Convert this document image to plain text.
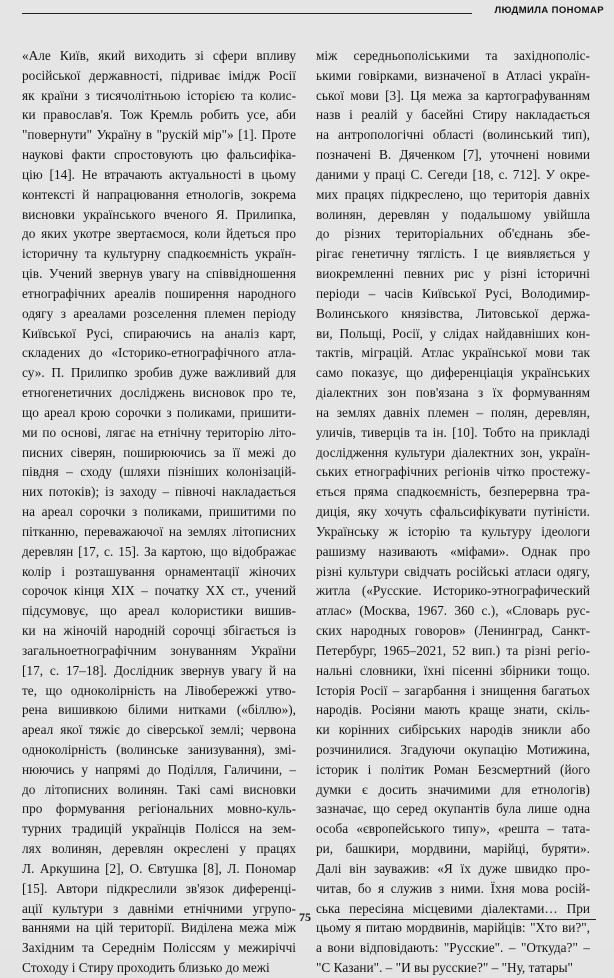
ЛЮДМИЛА ПОНОМАР
«Але Київ, який виходить зі сфери впливу
російської державності, підриває імідж Росії
як країни з тисячолітньою історією та колис-
ки православ'я. Тож Кремль робить усе, аби
"повернути" Україну в "рускій мір"» [1]. Проте
наукові факти спростовують цю фальсифіка-
цію [14]. Не втрачають актуальності в цьому
контексті й напрацювання етнологів, зокрема
висновки українського вченого Я. Прилипка,
до яких укотре звертаємося, коли йдеться про
історичну та культурну спадкоємність україн-
ців. Учений звернув увагу на співвідношення
етнографічних ареалів поширення народного
одягу з ареалами розселення племен періоду
Київської Русі, спираючись на аналіз карт,
складених до «Історико-етнографічного атла-
су». П. Прилипко зробив дуже важливий для
етногенетичних досліджень висновок про те,
що ареал крою сорочки з поликами, пришити-
ми по основі, лягає на етнічну територію літо-
писних сіверян, поширюючись за її межі до
півдня – сходу (шляхи пізніших колонізацій-
них потоків); із заходу – півночі накладається
на ареал сорочки з поликами, пришитими по
пітканню, переважаючої на землях літописних
деревлян [17, с. 15]. За картою, що відображає
колір і розташування орнаментації жіночих
сорочок кінця XIX – початку XX ст., учений
підсумовує, що ареал колористики вишив-
ки на жіночій народній сорочці збігається із
загальноетнографічним зонуванням України
[17, с. 17–18]. Дослідник звернув увагу й на
те, що одноколірність на Лівобережжі утво-
рена вишивкою білими нитками («біллю»),
ареал якої тяжіє до сіверської землі; червона
одноколірність (волинське занизування), змі-
нюючись у напрямі до Поділля, Галичини, –
до літописних волинян. Такі самі висновки
про формування регіональних мовно-куль-
турних традицій українців Полісся на зем-
лях волинян, деревлян окреслені у працях
Л. Аркушина [2], О. Євтушка [8], Л. Пономар
[15]. Автори підкреслили зв'язок диференці-
ації культури з давніми етнічними угрупо-
ваннями на цій території. Виділена межа між
Західним та Середнім Поліссям у межиріччі
Стоходу і Стиру проходить близько до межі
між середньополіськими та західнополіс-
ькими говірками, визначеної в Атласі україн-
ської мови [3]. Ця межа за картографуванням
назв і реалій у басейні Стиру накладається
на антропологічні області (волинський тип),
позначені В. Дяченком [7], уточнені новими
даними у праці С. Сегеди [18, с. 712]. У окре-
мих працях підкреслено, що територія давніх
волинян, деревлян у подальшому увійшла
до різних територіальних об'єднань збе-
рігає генетичну тяглість. І це виявляється у
виокремленні певних рис у різні історичні
періоди – часів Київської Русі, Володимир-
Волинського князівства, Литовської держа-
ви, Польщі, Росії, у слідах найдавніших кон-
тактів, міграцій. Атлас української мови так
само показує, що диференціація українських
діалектних зон пов'язана з їх формуванням
на землях давніх племен – полян, деревлян,
уличів, тиверців та ін. [10]. Тобто на прикладі
дослідження культури діалектних зон, україн-
ських етнографічних регіонів чітко простежу-
ється пряма спадкоємність, безперервна тра-
диція, яку хочуть сфальсифікувати путіністи.
Українську ж історію та культуру ідеологи
рашизму називають «міфами». Однак про
різні культури свідчать російські атласи одягу,
житла («Русские. Историко-этнографический
атлас» (Москва, 1967. 360 с.), «Словарь рус-
ских народных говоров» (Ленинград, Санкт-
Петербург, 1965–2021, 52 вип.) та різні регіо-
нальні словники, їхні пісенні збірники тощо.
Історія Росії – загарбання і знищення багатьох
народів. Росіяни мають краще знати, скіль-
ки корінних сибірських народів зникли або
розчинилися. Згадуючи окупацію Мотижина,
історик і політик Роман Безсмертний (його
думки є досить значимими для етнологів)
зазначає, що серед окупантів була лише одна
особа «європейського типу», «решта – тата-
ри, башкири, мордвини, марійці, буряти».
Далі він зауважив: «Я їх дуже швидко про-
читав, бо я служив з ними. Їхня мова росій-
ська пересіяна місцевими діалектами… При
цьому я питаю мордвинів, марійців: "Хто ви?",
а вони відповідають: "Русские". – "Откуда?" –
"С Казани". – "И вы русские?" – "Ну, татары"
75
